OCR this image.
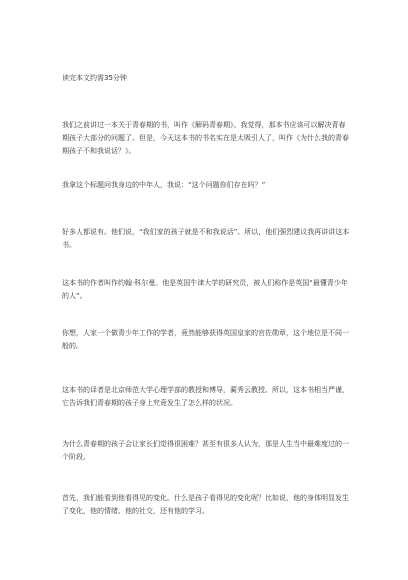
读完本文约需35分钟

我们之前讲过一本关于青春期的书，叫作《解码青春期》。我觉得，那本书应该可以解决青春期孩子大部分的问题了。但是，今天这本书的书名实在是太吸引人了，叫作《为什么我的青春期孩子不和我说话？》。

我拿这个标题问我身边的中年人，我说：“这个问题你们存在吗？”

好多人都说有。他们说，“我们家的孩子就是不和我说话”。所以，他们强烈建议我再讲讲这本书。

这本书的作者叫作约翰·科尔曼。他是英国牛津大学的研究员，被人们称作是英国“最懂青少年的人”。

你想，人家一个做青少年工作的学者，竟然能够获得英国皇家的官佐勋章，这个地位是不同一般的。

这本书的译者是北京师范大学心理学部的教授和博导，蔺秀云教授。所以，这本书相当严谨，它告诉我们青春期的孩子身上究竟发生了怎么样的状况。

为什么青春期的孩子会让家长们觉得很困难？甚至有很多人认为，那是人生当中最难度过的一个阶段。

首先，我们能看到他看得见的变化。什么是孩子看得见的变化呢？比如说，他的身体明显发生了变化，他的情绪、他的社交，还有他的学习。
